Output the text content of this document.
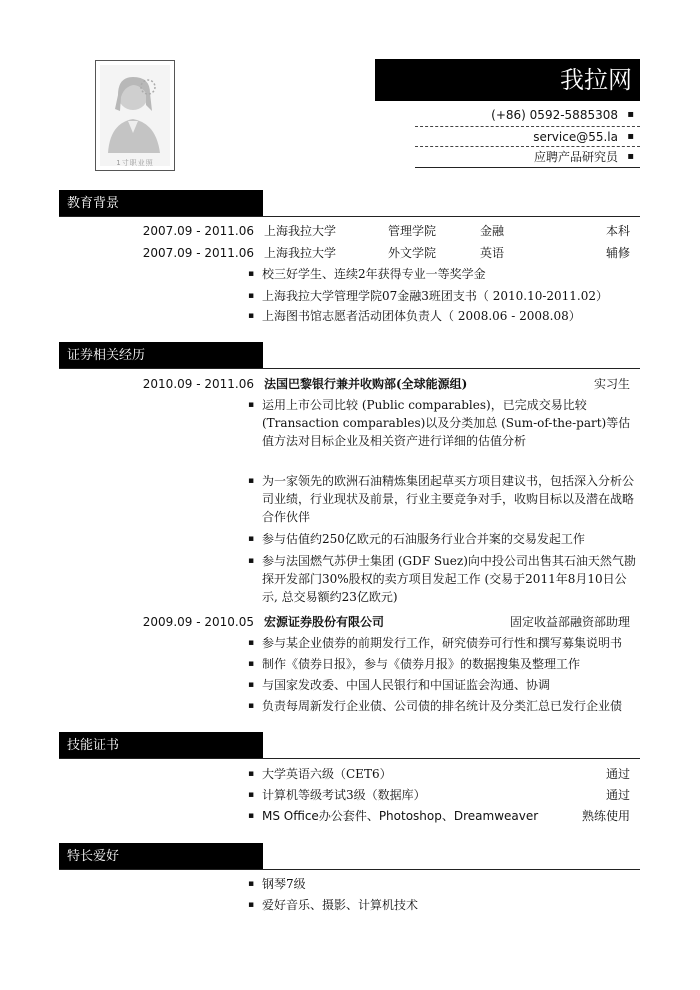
1寸职业照
我拉网
(+86) 0592-5885308 ▪
service@55.la ▪
应聘产品研究员 ▪
教育背景
2007.09 - 2011.06 上海我拉大学	管理学院	金融	本科
2007.09 - 2011.06 上海我拉大学	外文学院	英语	辅修
▪ 校三好学生、连续2年获得专业一等奖学金
▪ 上海我拉大学管理学院07金融3班团支书（ 2010.10-2011.02）
▪ 上海图书馆志愿者活动团体负责人（ 2008.06 - 2008.08）
证券相关经历
2010.09 - 2011.06 法国巴黎银行兼并收购部(全球能源组)	实习生
▪ 运用上市公司比较 (Public comparables)，已完成交易比较(Transaction comparables)以及分类加总 (Sum-of-the-part)等估值方法对目标企业及相关资产进行详细的估值分析
▪ 为一家领先的欧洲石油精炼集团起草买方项目建议书，包括深入分析公司业绩，行业现状及前景，行业主要竞争对手，收购目标以及潜在战略合作伙伴
▪ 参与估值约250亿欧元的石油服务行业合并案的交易发起工作
▪ 参与法国燃气苏伊士集团 (GDF Suez)向中投公司出售其石油天然气勘探开发部门30%股权的卖方项目发起工作 (交易于2011年8月10日公示, 总交易额约23亿欧元)
2009.09 - 2010.05 宏源证券股份有限公司	固定收益部融资部助理
▪ 参与某企业债券的前期发行工作，研究债券可行性和撰写募集说明书
▪ 制作《债券日报》，参与《债券月报》的数据搜集及整理工作
▪ 与国家发改委、中国人民银行和中国证监会沟通、协调
▪ 负责每周新发行企业债、公司债的排名统计及分类汇总已发行企业债
技能证书
▪ 大学英语六级（CET6）	通过
▪ 计算机等级考试3级（数据库）	通过
▪ MS Office办公套件、Photoshop、Dreamweaver	熟练使用
特长爱好
▪ 钢琴7级
▪ 爱好音乐、摄影、计算机技术
